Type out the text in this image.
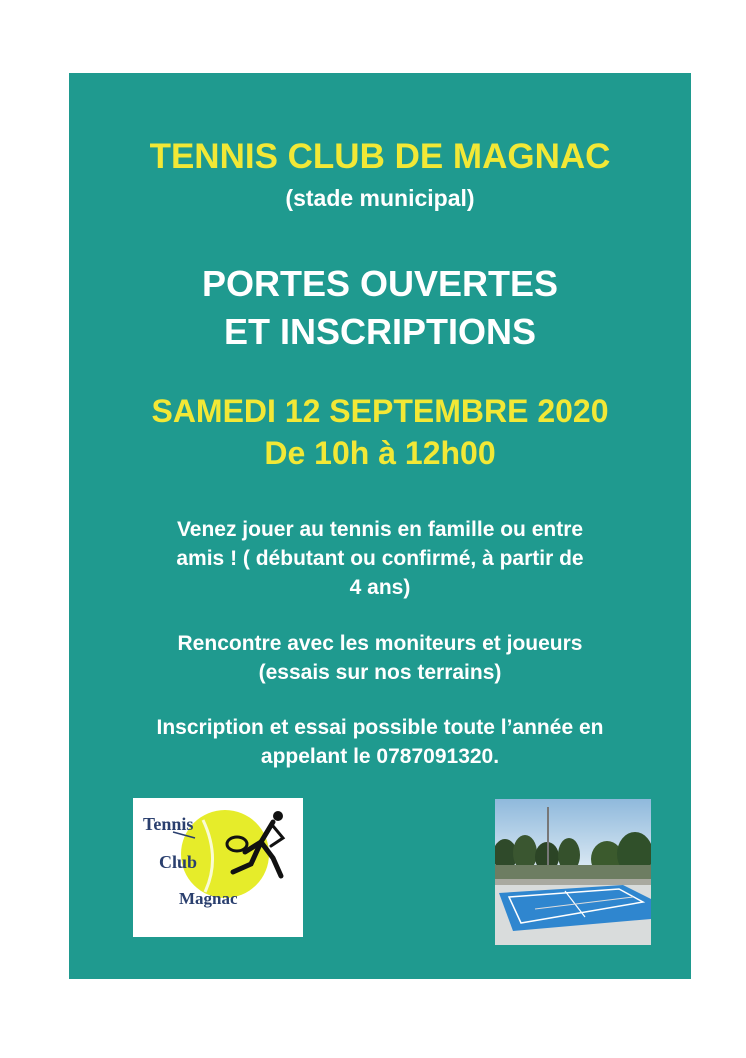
TENNIS CLUB DE MAGNAC

(stade municipal)

PORTES OUVERTES

ET INSCRIPTIONS

SAMEDI 12 SEPTEMBRE 2020

De 10h à 12h00

Venez jouer au tennis en famille ou entre
amis ! ( débutant ou confirmé, à partir de
4 ans)
Rencontre avec les moniteurs et joueurs
(essais sur nos terrains)
Inscription et essai possible toute l’année en
appelant le 0787091320.
Tennis
Club
Magnac
